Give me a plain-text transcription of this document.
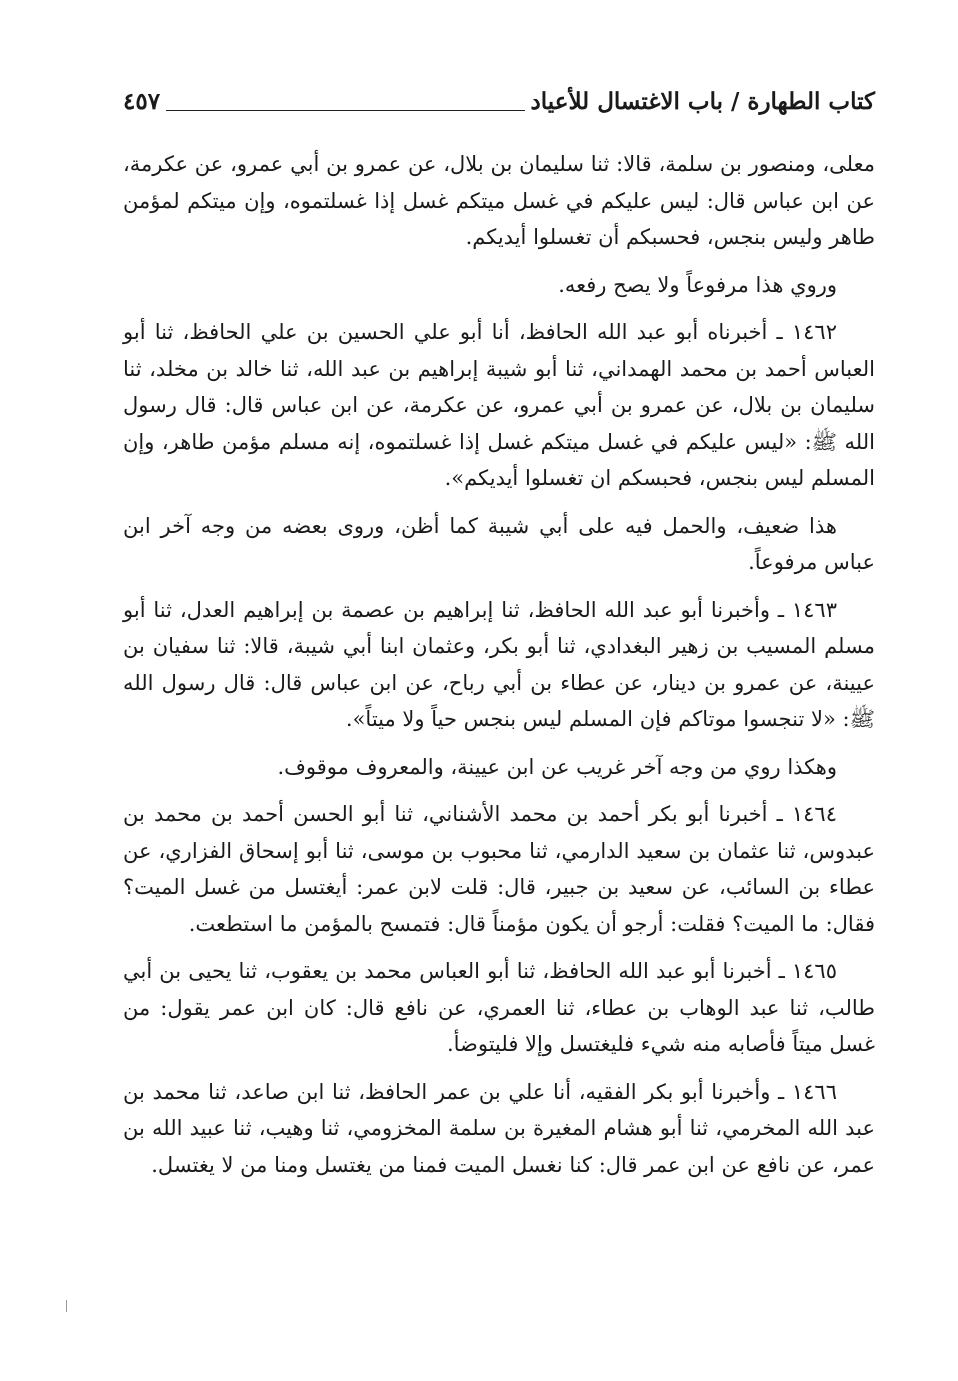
كتاب الطهارة / باب الاغتسال للأعياد
٤٥٧

معلى، ومنصور بن سلمة، قالا: ثنا سليمان بن بلال، عن عمرو بن أبي عمرو، عن عكرمة، عن ابن عباس قال: ليس عليكم في غسل ميتكم غسل إذا غسلتموه، وإن ميتكم لمؤمن طاهر وليس بنجس، فحسبكم أن تغسلوا أيديكم.

وروي هذا مرفوعاً ولا يصح رفعه.

١٤٦٢ ـ أخبرناه أبو عبد الله الحافظ، أنا أبو علي الحسين بن علي الحافظ، ثنا أبو العباس أحمد بن محمد الهمداني، ثنا أبو شيبة إبراهيم بن عبد الله، ثنا خالد بن مخلد، ثنا سليمان بن بلال، عن عمرو بن أبي عمرو، عن عكرمة، عن ابن عباس قال: قال رسول الله ﷺ: «ليس عليكم في غسل ميتكم غسل إذا غسلتموه، إنه مسلم مؤمن طاهر، وإن المسلم ليس بنجس، فحبسكم ان تغسلوا أيديكم».

هذا ضعيف، والحمل فيه على أبي شيبة كما أظن، وروى بعضه من وجه آخر ابن عباس مرفوعاً.

١٤٦٣ ـ وأخبرنا أبو عبد الله الحافظ، ثنا إبراهيم بن عصمة بن إبراهيم العدل، ثنا أبو مسلم المسيب بن زهير البغدادي، ثنا أبو بكر، وعثمان ابنا أبي شيبة، قالا: ثنا سفيان بن عيينة، عن عمرو بن دينار، عن عطاء بن أبي رباح، عن ابن عباس قال: قال رسول الله ﷺ: «لا تنجسوا موتاكم فإن المسلم ليس بنجس حياً ولا ميتاً».

وهكذا روي من وجه آخر غريب عن ابن عيينة، والمعروف موقوف.

١٤٦٤ ـ أخبرنا أبو بكر أحمد بن محمد الأشناني، ثنا أبو الحسن أحمد بن محمد بن عبدوس، ثنا عثمان بن سعيد الدارمي، ثنا محبوب بن موسى، ثنا أبو إسحاق الفزاري، عن عطاء بن السائب، عن سعيد بن جبير، قال: قلت لابن عمر: أيغتسل من غسل الميت؟ فقال: ما الميت؟ فقلت: أرجو أن يكون مؤمناً قال: فتمسح بالمؤمن ما استطعت.

١٤٦٥ ـ أخبرنا أبو عبد الله الحافظ، ثنا أبو العباس محمد بن يعقوب، ثنا يحيى بن أبي طالب، ثنا عبد الوهاب بن عطاء، ثنا العمري، عن نافع قال: كان ابن عمر يقول: من غسل ميتاً فأصابه منه شيء فليغتسل وإلا فليتوضأ.

١٤٦٦ ـ وأخبرنا أبو بكر الفقيه، أنا علي بن عمر الحافظ، ثنا ابن صاعد، ثنا محمد بن عبد الله المخرمي، ثنا أبو هشام المغيرة بن سلمة المخزومي، ثنا وهيب، ثنا عبيد الله بن عمر، عن نافع عن ابن عمر قال: كنا نغسل الميت فمنا من يغتسل ومنا من لا يغتسل.
